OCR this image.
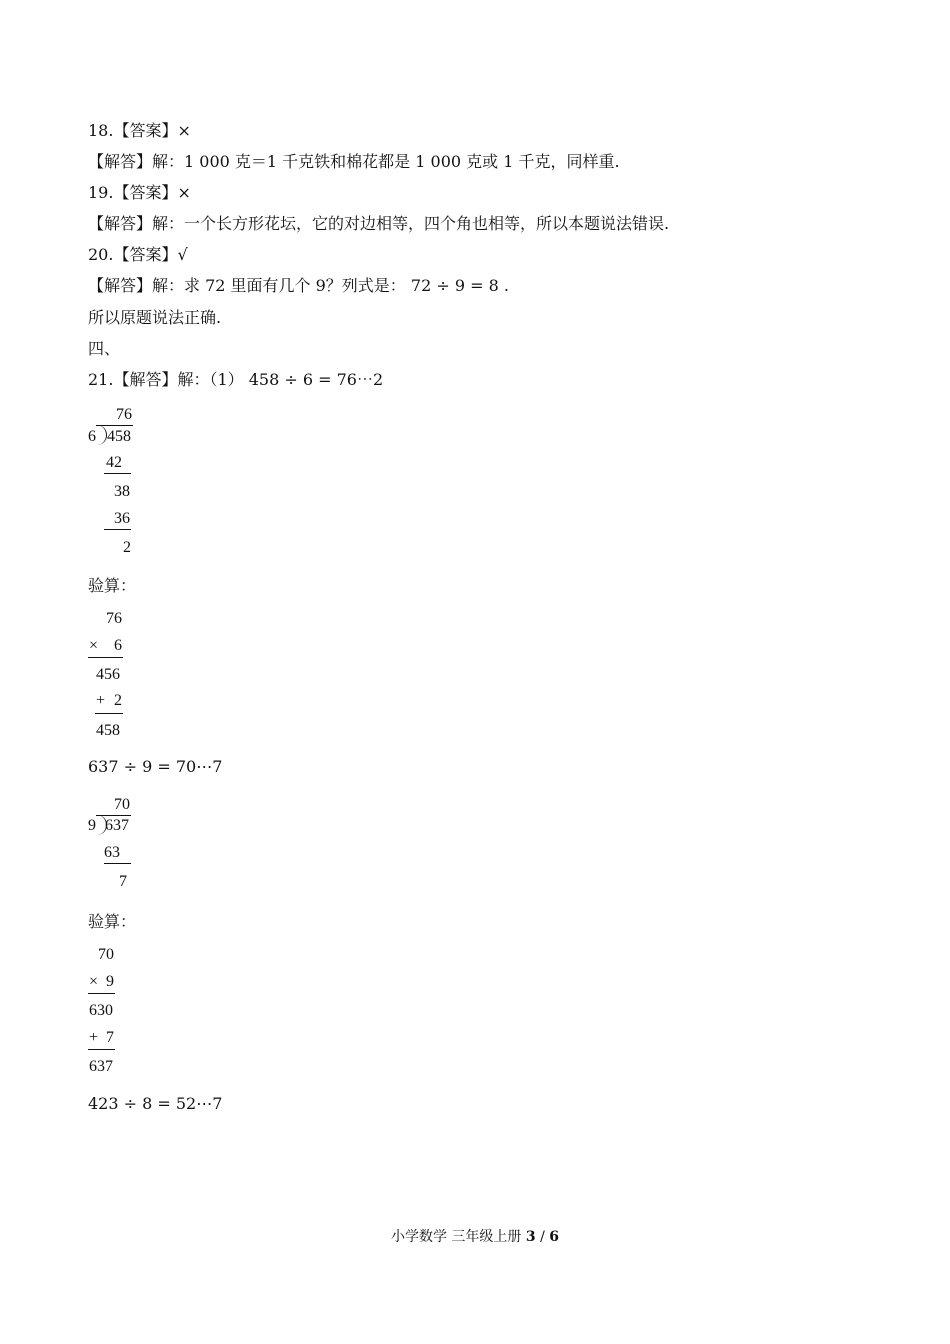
18.【答案】×
【解答】解：1 000 克＝1 千克铁和棉花都是 1 000 克或 1 千克，同样重.
19.【答案】×
【解答】解：一个长方形花坛，它的对边相等，四个角也相等，所以本题说法错误.
20.【答案】√
【解答】解：求 72 里面有几个 9？列式是： 72 ÷ 9 = 8 .
所以原题说法正确.
四、
21.【解答】解：（1） 458 ÷ 6 = 76⋯2
76
6 458
42
38
36
2
验算：
76
× 6
456
+ 2
458
637 ÷ 9 = 70⋯7
70
9 637
63
7
验算：
70
× 9
630
+ 7
637
423 ÷ 8 = 52⋯7
小学数学 三年级上册 3 / 6
